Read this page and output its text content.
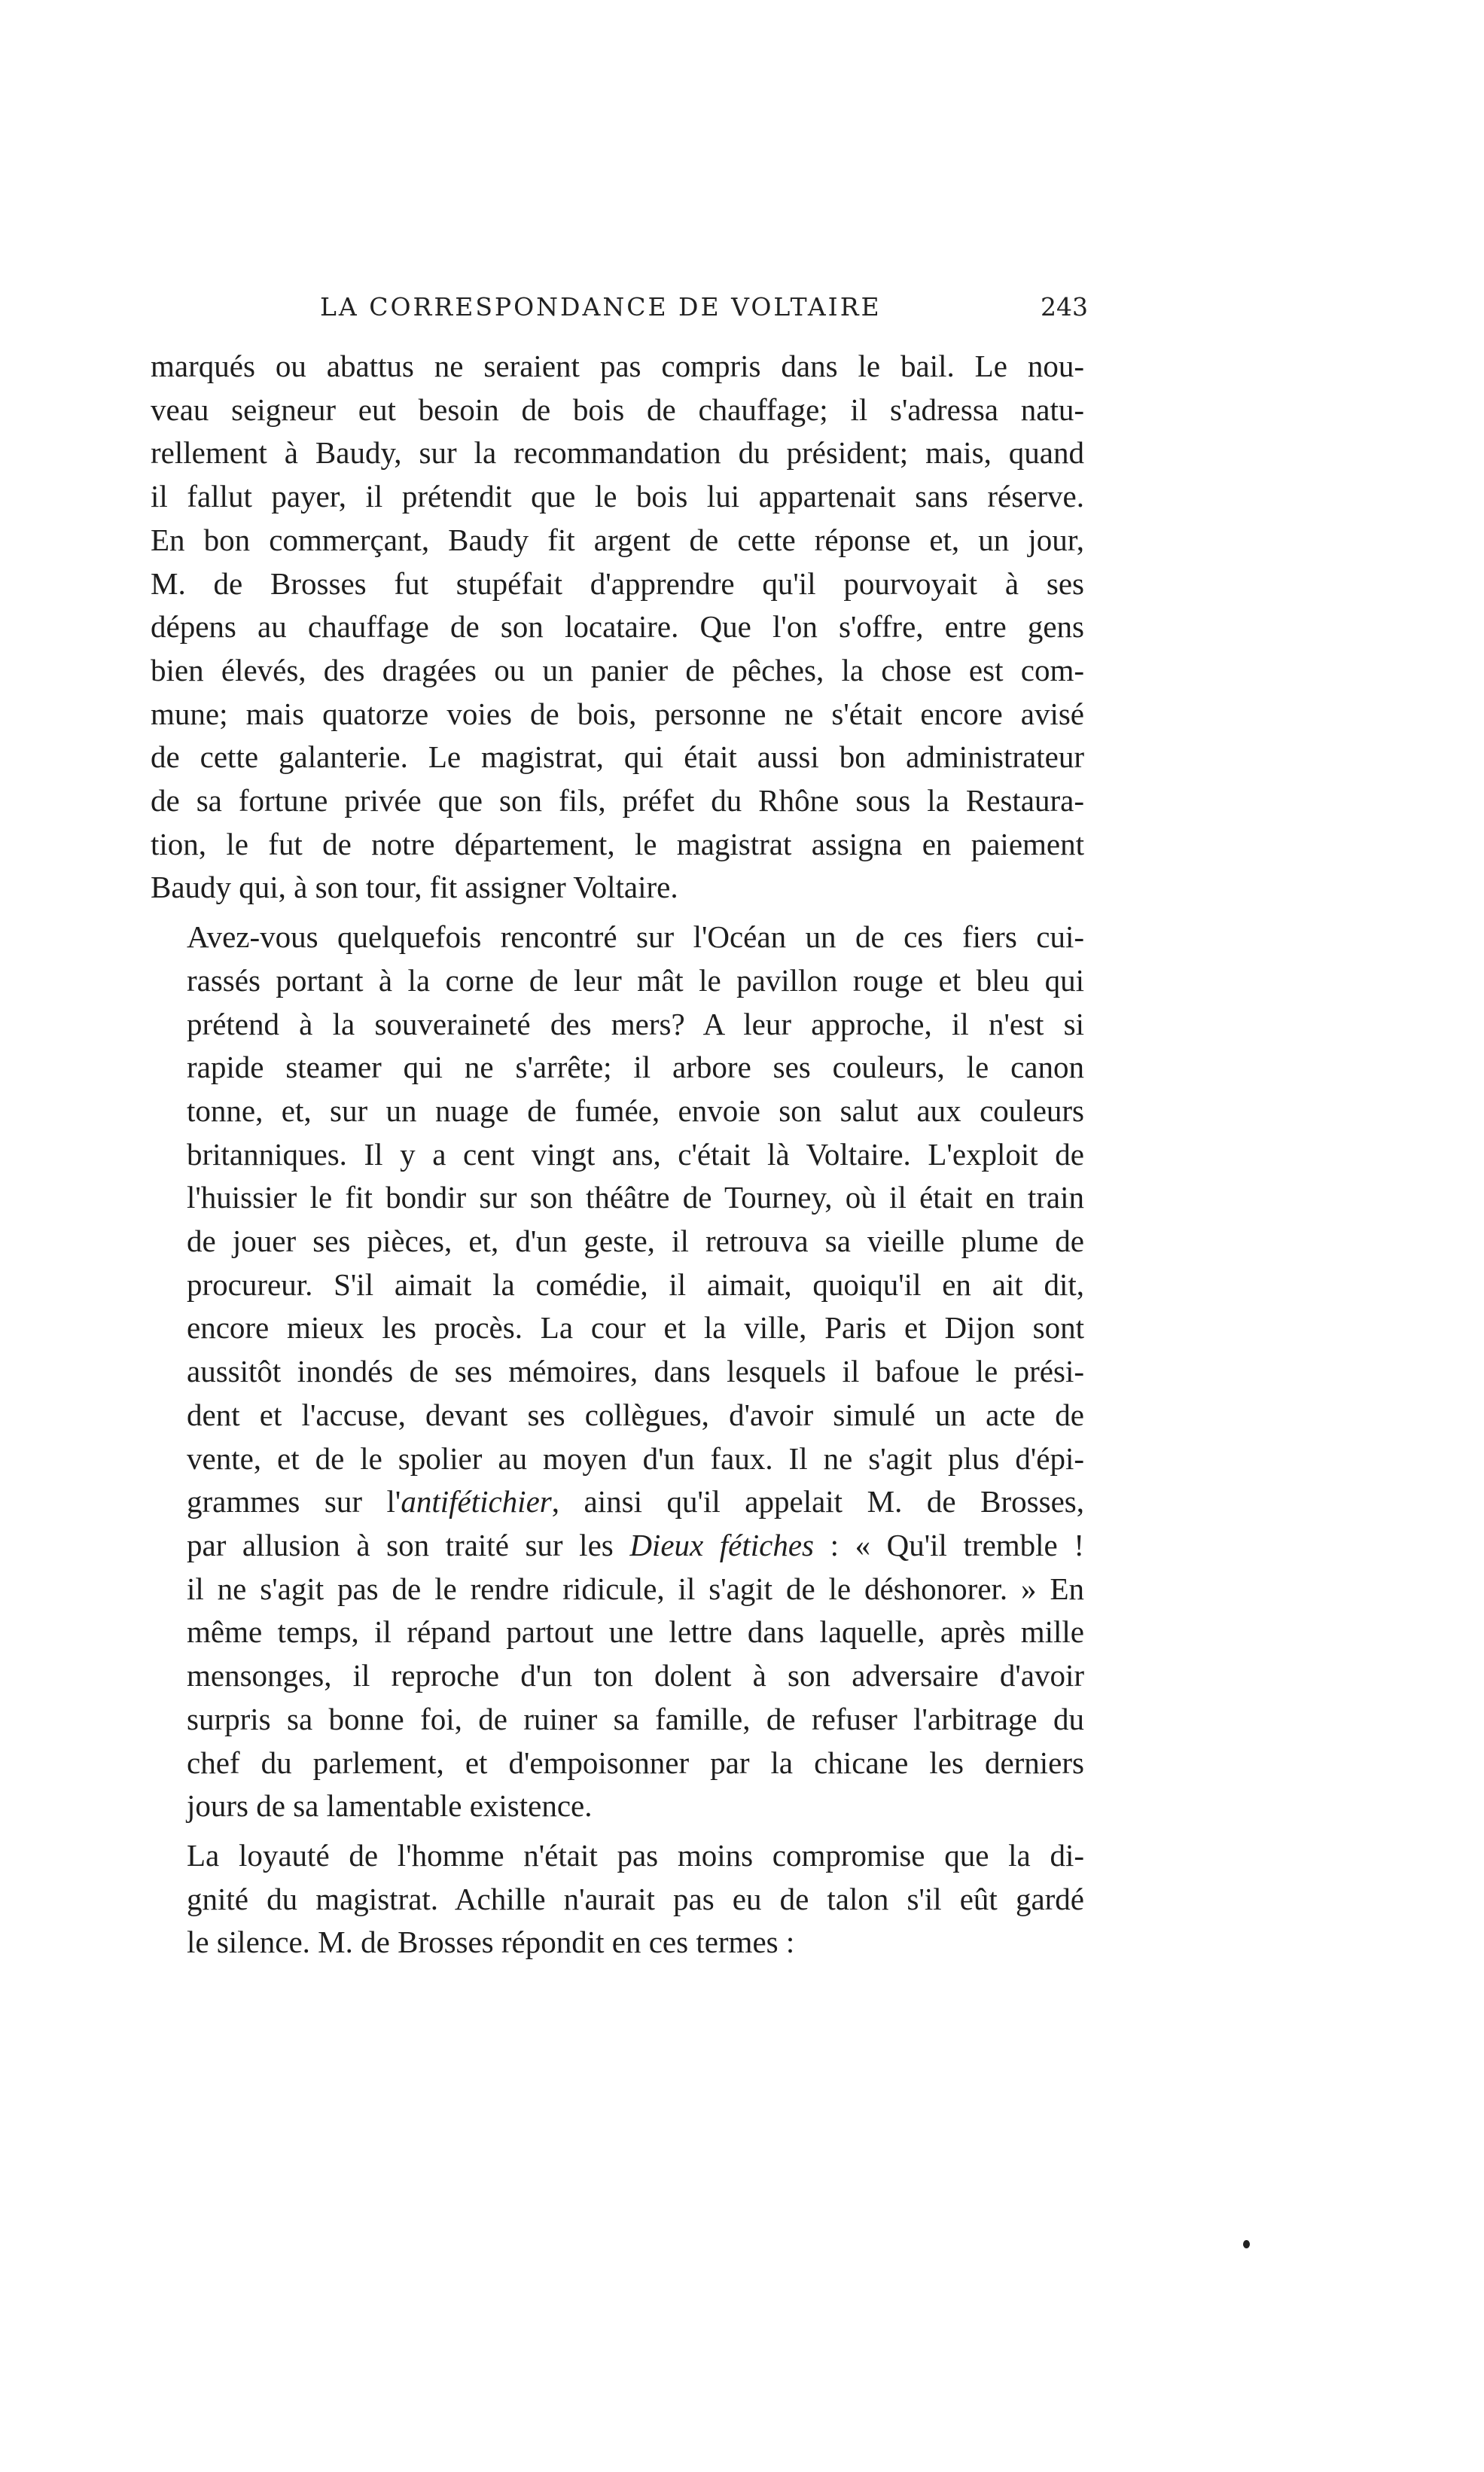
LA CORRESPONDANCE DE VOLTAIRE	243

marqués ou abattus ne seraient pas compris dans le bail. Le nou-
veau seigneur eut besoin de bois de chauffage; il s'adressa natu-
rellement à Baudy, sur la recommandation du président; mais, quand
il fallut payer, il prétendit que le bois lui appartenait sans réserve.
En bon commerçant, Baudy fit argent de cette réponse et, un jour,
M. de Brosses fut stupéfait d'apprendre qu'il pourvoyait à ses
dépens au chauffage de son locataire. Que l'on s'offre, entre gens
bien élevés, des dragées ou un panier de pêches, la chose est com-
mune; mais quatorze voies de bois, personne ne s'était encore avisé
de cette galanterie. Le magistrat, qui était aussi bon administrateur
de sa fortune privée que son fils, préfet du Rhône sous la Restaura-
tion, le fut de notre département, le magistrat assigna en paiement
Baudy qui, à son tour, fit assigner Voltaire.

Avez-vous quelquefois rencontré sur l'Océan un de ces fiers cui-
rassés portant à la corne de leur mât le pavillon rouge et bleu qui
prétend à la souveraineté des mers? A leur approche, il n'est si
rapide steamer qui ne s'arrête; il arbore ses couleurs, le canon
tonne, et, sur un nuage de fumée, envoie son salut aux couleurs
britanniques. Il y a cent vingt ans, c'était là Voltaire. L'exploit de
l'huissier le fit bondir sur son théâtre de Tourney, où il était en train
de jouer ses pièces, et, d'un geste, il retrouva sa vieille plume de
procureur. S'il aimait la comédie, il aimait, quoiqu'il en ait dit,
encore mieux les procès. La cour et la ville, Paris et Dijon sont
aussitôt inondés de ses mémoires, dans lesquels il bafoue le prési-
dent et l'accuse, devant ses collègues, d'avoir simulé un acte de
vente, et de le spolier au moyen d'un faux. Il ne s'agit plus d'épi-
grammes sur l'antifétichier, ainsi qu'il appelait M. de Brosses,
par allusion à son traité sur les Dieux fétiches : « Qu'il tremble !
il ne s'agit pas de le rendre ridicule, il s'agit de le déshonorer. » En
même temps, il répand partout une lettre dans laquelle, après mille
mensonges, il reproche d'un ton dolent à son adversaire d'avoir
surpris sa bonne foi, de ruiner sa famille, de refuser l'arbitrage du
chef du parlement, et d'empoisonner par la chicane les derniers
jours de sa lamentable existence.

La loyauté de l'homme n'était pas moins compromise que la di-
gnité du magistrat. Achille n'aurait pas eu de talon s'il eût gardé
le silence. M. de Brosses répondit en ces termes :
